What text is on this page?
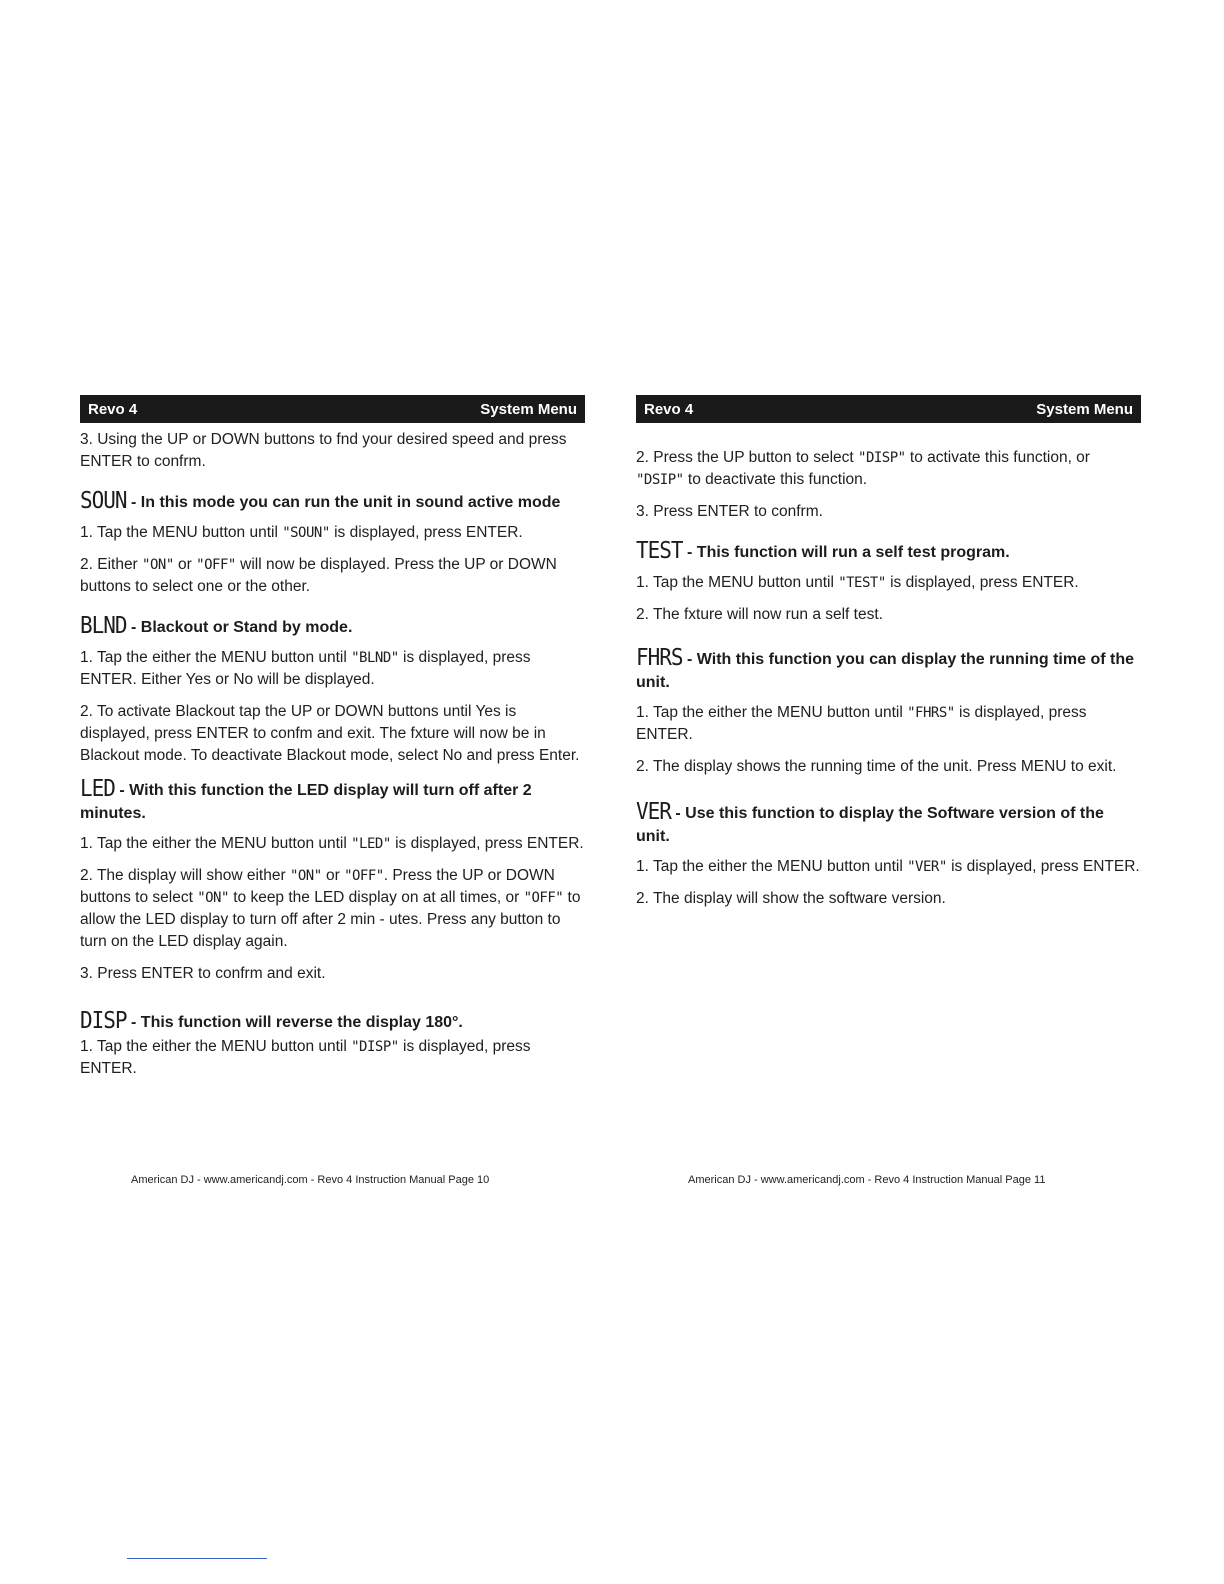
Revo 4	System Menu

3. Using the UP or DOWN buttons to fnd your desired speed and press ENTER to confrm.

SOUN - In this mode you can run the unit in sound active mode

1. Tap the MENU button until "SOUN" is displayed, press ENTER.

2. Either "ON" or "OFF" will now be displayed. Press the UP or DOWN buttons to select one or the other.

BLND - Blackout or Stand by mode.

1. Tap the either the MENU button until "BLND" is displayed, press ENTER. Either Yes or No will be displayed.

2. To activate Blackout tap the UP or DOWN buttons until Yes is displayed, press ENTER to confm and exit. The fxture will now be in Blackout mode. To deactivate Blackout mode, select No and press Enter.

LED - With this function the LED display will turn off after 2 minutes.

1. Tap the either the MENU button until "LED" is displayed, press ENTER.

2. The display will show either "ON" or "OFF". Press the UP or DOWN buttons to select "ON" to keep the LED display on at all times, or "OFF" to allow the LED display to turn off after 2 min - utes. Press any button to turn on the LED display again.

3. Press ENTER to confrm and exit.

DISP - This function will reverse the display 180°.

1. Tap the either the MENU button until "DISP" is displayed, press ENTER.

American DJ - www.americandj.com - Revo 4 Instruction Manual Page 10
Revo 4	System Menu

2. Press the UP button to select "DISP" to activate this function, or "DSIP" to deactivate this function.

3. Press ENTER to confrm.

TEST - This function will run a self test program.

1. Tap the MENU button until "TEST" is displayed, press ENTER.

2. The fxture will now run a self test.

FHRS - With this function you can display the running time of the unit.

1. Tap the either the MENU button until "FHRS" is displayed, press ENTER.

2. The display shows the running time of the unit. Press MENU to exit.

VER - Use this function to display the Software version of the unit.

1. Tap the either the MENU button until "VER" is displayed, press ENTER.

2. The display will show the software version.

American DJ - www.americandj.com - Revo 4 Instruction Manual Page 11
